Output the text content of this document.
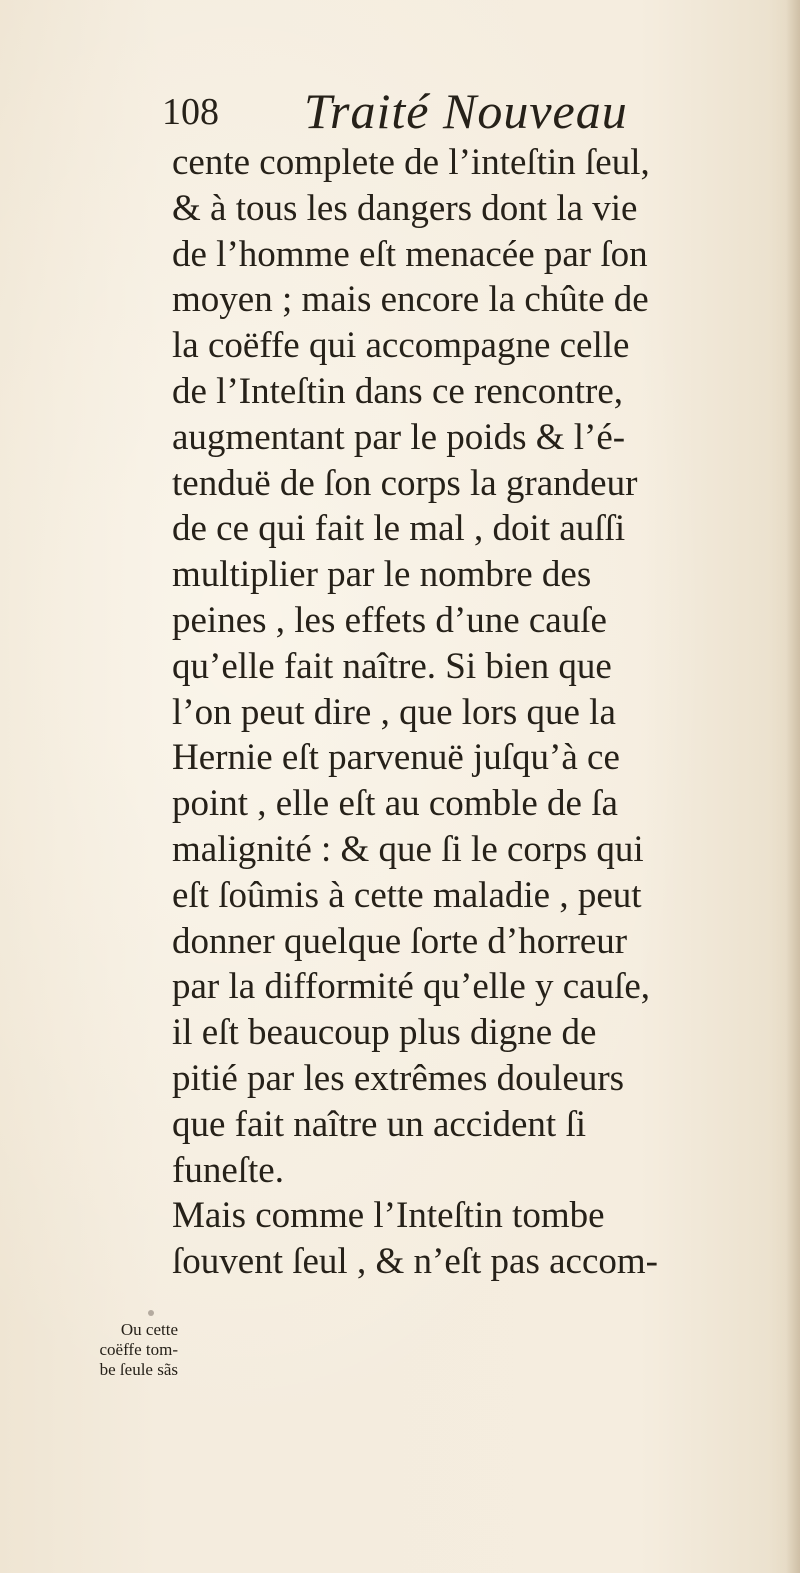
108 Traité Nouveau
cente complete de l’inteſtin ſeul,
& à tous les dangers dont la vie
de l’homme eſt menacée par ſon
moyen ; mais encore la chûte de
la coëffe qui accompagne celle
de l’Inteſtin dans ce rencontre,
augmentant par le poids & l’é-
tenduë de ſon corps la grandeur
de ce qui fait le mal , doit auſſi
multiplier par le nombre des
peines , les effets d’une cauſe
qu’elle fait naître. Si bien que
l’on peut dire , que lors que la
Hernie eſt parvenuë juſqu’à ce
point , elle eſt au comble de ſa
malignité : & que ſi le corps qui
eſt ſoûmis à cette maladie , peut
donner quelque ſorte d’horreur
par la difformité qu’elle y cauſe,
il eſt beaucoup plus digne de
pitié par les extrêmes douleurs
que fait naître un accident ſi
funeſte.
Mais comme l’Inteſtin tombe
ſouvent ſeul , & n’eſt pas accom-
Ou cette
coëffe tom-
be ſeule sãs
